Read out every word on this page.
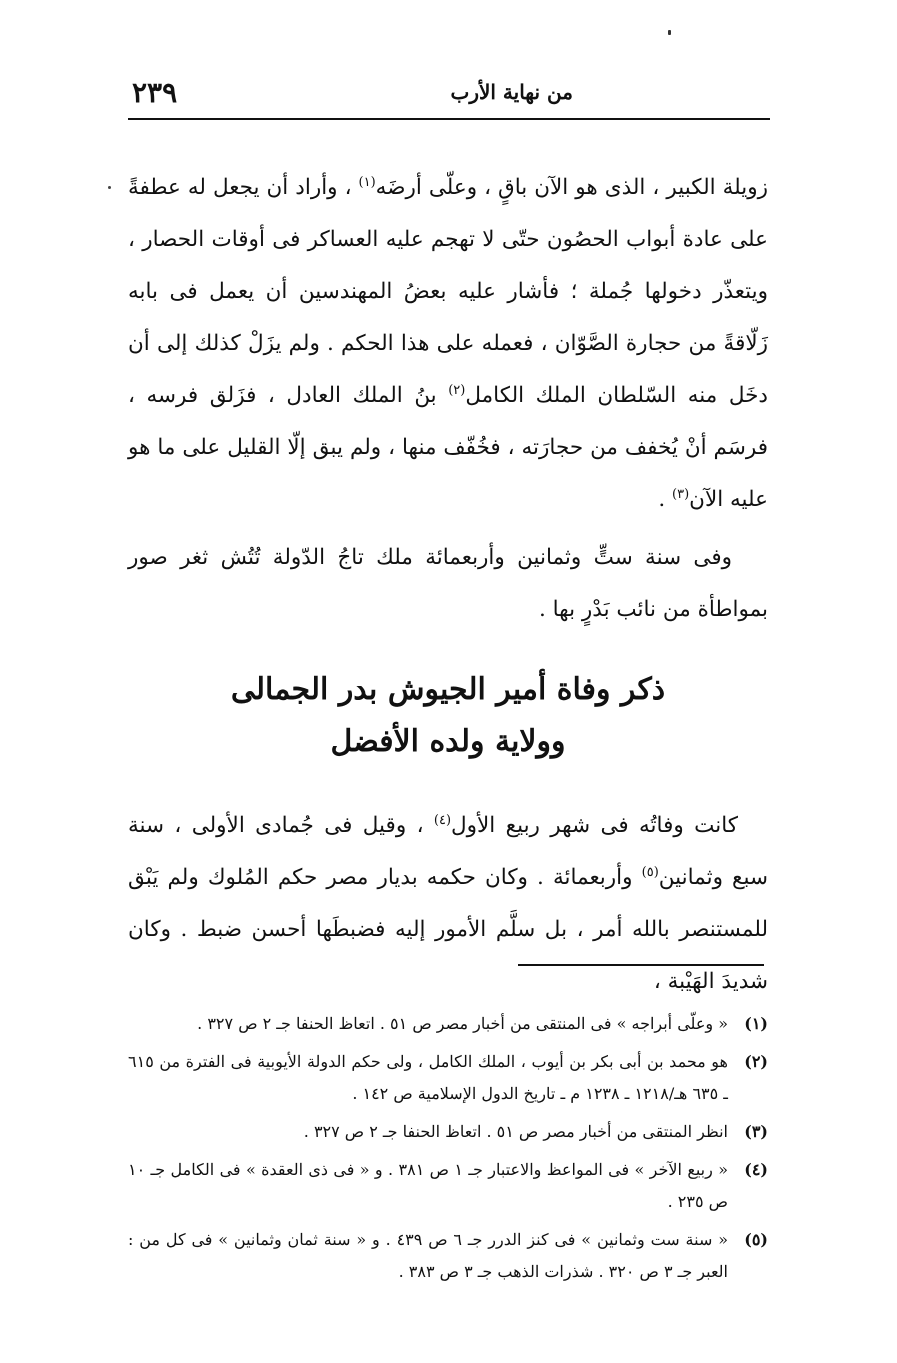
من نهاية الأرب
٢٣٩

زويلة الكبير ، الذى هو الآن باقٍ ، وعلّى أرضَه$^{(١)}$ ، وأراد أن يجعل له عطفةً على عادة أبواب الحصُون حتّى لا تهجم عليه العساكر فى أوقات الحصار ، ويتعذّر دخولها جُملة ؛ فأشار عليه بعضُ المهندسين أن يعمل فى بابه زَلّاقةً من حجارة الصَّوّان ، فعمله على هذا الحكم . ولم يزَلْ كذلك إلى أن دخَل منه السّلطان الملك الكامل$^{(٢)}$ بنُ الملك العادل ، فزَلق فرسه ، فرسَم أنْ يُخفف من حجارَته ، فخُفّف منها ، ولم يبق إلّا القليل على ما هو عليه الآن$^{(٣)}$ .

وفى سنة ستٍّ وثمانين وأربعمائة ملك تاجُ الدّولة تُتُش ثغر صور بمواطأة من نائب بَدْرٍ بها .

ذكر وفاة أمير الجيوش بدر الجمالى
وولاية ولده الأفضل

كانت وفاتُه فى شهر ربيع الأول$^{(٤)}$ ، وقيل فى جُمادى الأولى ، سنة سبع وثمانين$^{(٥)}$ وأربعمائة . وكان حكمه بديار مصر حكم المُلوك ولم يَبْق للمستنصر بالله أمر ، بل سلَّم الأمور إليه فضبطَها أحسن ضبط . وكان شديدَ الهَيْبة ،

(١)
« وعلّى أبراجه » فى المنتقى من أخبار مصر ص ٥١ . اتعاظ الحنفا جـ ٢ ص ٣٢٧ .
(٢)
هو محمد بن أبى بكر بن أيوب ، الملك الكامل ، ولى حكم الدولة الأيوبية فى الفترة من ٦١٥ ـ ٦٣٥ هـ/١٢١٨ ـ ١٢٣٨ م ـ تاريخ الدول الإسلامية ص ١٤٢ .
(٣)
انظر المنتقى من أخبار مصر ص ٥١ . اتعاظ الحنفا جـ ٢ ص ٣٢٧ .
(٤)
« ربيع الآخر » فى المواعظ والاعتبار جـ ١ ص ٣٨١ . و « فى ذى العقدة » فى الكامل جـ ١٠ ص ٢٣٥ .
(٥)
« سنة ست وثمانين » فى كنز الدرر جـ ٦ ص ٤٣٩ . و « سنة ثمان وثمانين » فى كل من : العبر جـ ٣ ص ٣٢٠ . شذرات الذهب جـ ٣ ص ٣٨٣ .
